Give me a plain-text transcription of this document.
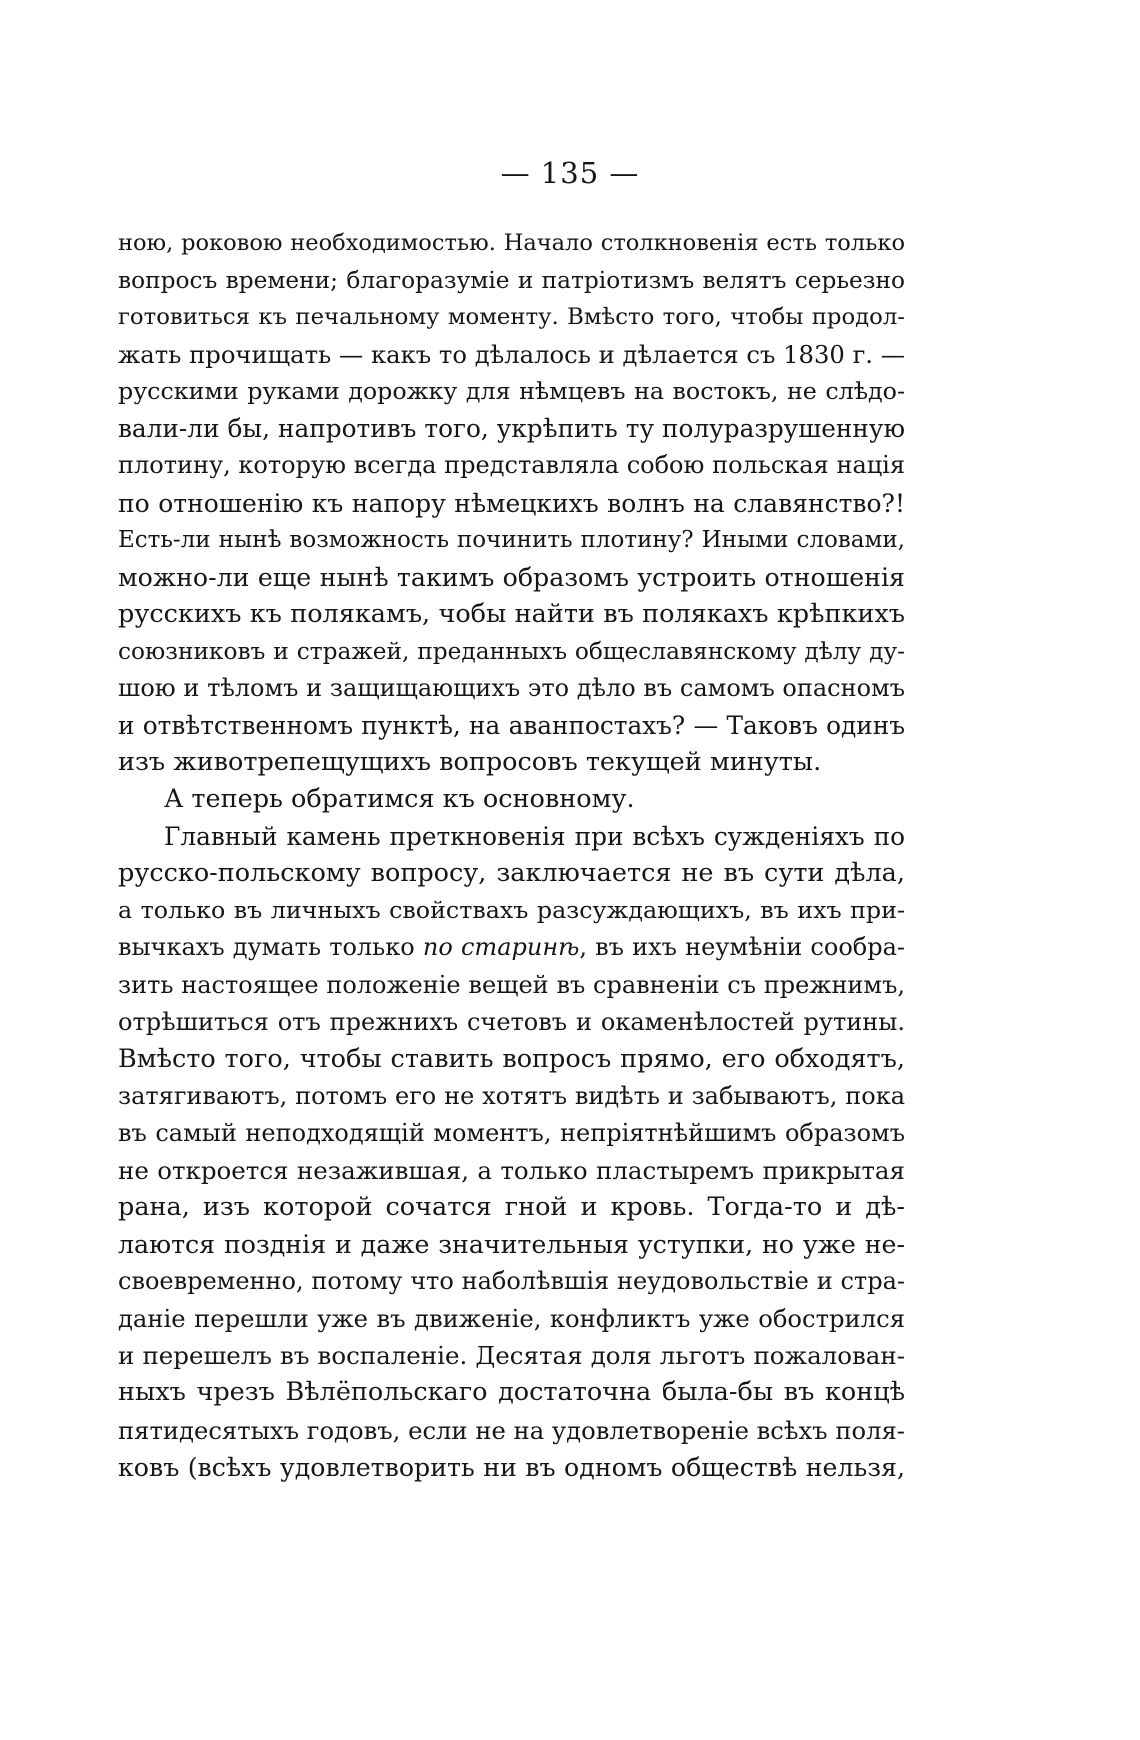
— 135 —
ною, роковою необходимостью. Начало столкновенія есть только
вопросъ времени; благоразуміе и патріотизмъ велятъ серьезно
готовиться къ печальному моменту. Вмѣсто того, чтобы продол-
жать прочищать — какъ то дѣлалось и дѣлается съ 1830 г. —
русскими руками дорожку для нѣмцевъ на востокъ, не слѣдо-
вали-ли бы, напротивъ того, укрѣпить ту полуразрушенную
плотину, которую всегда представляла собою польская нація
по отношенію къ напору нѣмецкихъ волнъ на славянство?!
Есть-ли нынѣ возможность починить плотину? Иными словами,
можно-ли еще нынѣ такимъ образомъ устроить отношенія
русскихъ къ полякамъ, чобы найти въ полякахъ крѣпкихъ
союзниковъ и стражей, преданныхъ общеславянскому дѣлу ду-
шою и тѣломъ и защищающихъ это дѣло въ самомъ опасномъ
и отвѣтственномъ пунктѣ, на аванпостахъ? — Таковъ одинъ
изъ животрепещущихъ вопросовъ текущей минуты.
А теперь обратимся къ основному.
Главный камень преткновенія при всѣхъ сужденіяхъ по
русско-польскому вопросу, заключается не въ сути дѣла,
а только въ личныхъ свойствахъ разсуждающихъ, въ ихъ при-
вычкахъ думать только по старинѣ, въ ихъ неумѣніи сообра-
зить настоящее положеніе вещей въ сравненіи съ прежнимъ,
отрѣшиться отъ прежнихъ счетовъ и окаменѣлостей рутины.
Вмѣсто того, чтобы ставить вопросъ прямо, его обходятъ,
затягиваютъ, потомъ его не хотятъ видѣть и забываютъ, пока
въ самый неподходящій моментъ, непріятнѣйшимъ образомъ
не откроется незажившая, а только пластыремъ прикрытая
рана, изъ которой сочатся гной и кровь. Тогда-то и дѣ-
лаются позднія и даже значительныя уступки, но уже не-
своевременно, потому что наболѣвшія неудовольствіе и стра-
даніе перешли уже въ движеніе, конфликтъ уже обострился
и перешелъ въ воспаленіе. Десятая доля льготъ пожалован-
ныхъ чрезъ Вѣлёпольскаго достаточна была-бы въ концѣ
пятидесятыхъ годовъ, если не на удовлетвореніе всѣхъ поля-
ковъ (всѣхъ удовлетворить ни въ одномъ обществѣ нельзя,
